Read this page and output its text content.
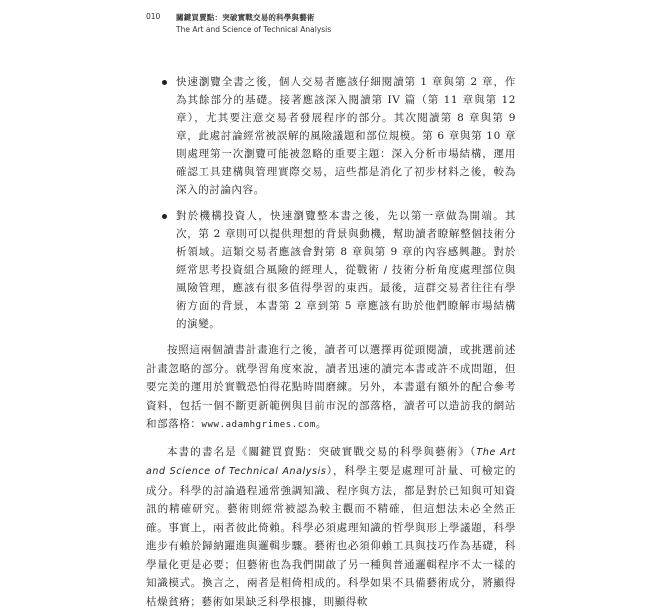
010	關鍵買賣點：突破實戰交易的科學與藝術
The Art and Science of Technical Analysis
快速瀏覽全書之後，個人交易者應該仔細閱讀第 1 章與第 2 章，作為其餘部分的基礎。接著應該深入閱讀第 IV 篇（第 11 章與第 12 章），尤其要注意交易者發展程序的部分。其次閱讀第 8 章與第 9 章，此處討論經常被誤解的風險議題和部位規模。第 6 章與第 10 章則處理第一次瀏覽可能被忽略的重要主題：深入分析市場結構，運用確認工具建構與管理實際交易，這些都是消化了初步材料之後，較為深入的討論內容。
對於機構投資人，快速瀏覽整本書之後，先以第一章做為開端。其次，第 2 章則可以提供理想的背景與動機，幫助讀者瞭解整個技術分析領域。這類交易者應該會對第 8 章與第 9 章的內容感興趣。對於經常思考投資組合風險的經理人，從戰術 / 技術分析角度處理部位與風險管理，應該有很多值得學習的東西。最後，這群交易者往往有學術方面的背景，本書第 2 章到第 5 章應該有助於他們瞭解市場結構的演變。

按照這兩個讀書計畫進行之後，讀者可以選擇再從頭閱讀，或挑選前述計畫忽略的部分。就學習角度來說，讀者迅速的讀完本書或許不成問題，但要完美的運用於實戰恐怕得花點時間磨練。另外，本書還有額外的配合參考資料，包括一個不斷更新範例與目前市況的部落格，讀者可以造訪我的網站和部落格：www.adamhgrimes.com。

本書的書名是《關鍵買賣點：突破實戰交易的科學與藝術》（The Art and Science of Technical Analysis），科學主要是處理可計量、可檢定的成分。科學的討論過程通常強調知識、程序與方法，都是對於已知與可知資訊的精確研究。藝術則經常被認為較主觀而不精確，但這想法未必全然正確。事實上，兩者彼此倚賴。科學必須處理知識的哲學與形上學議題，科學進步有賴於歸納躍進與邏輯步驟。藝術也必須仰賴工具與技巧作為基礎，科學量化更是必要；但藝術也為我們開啟了另一種與普通邏輯程序不太一樣的知識模式。換言之，兩者是相倚相成的。科學如果不具備藝術成分，將顯得枯燥貧瘠；藝術如果缺乏科學根據，則顯得軟
